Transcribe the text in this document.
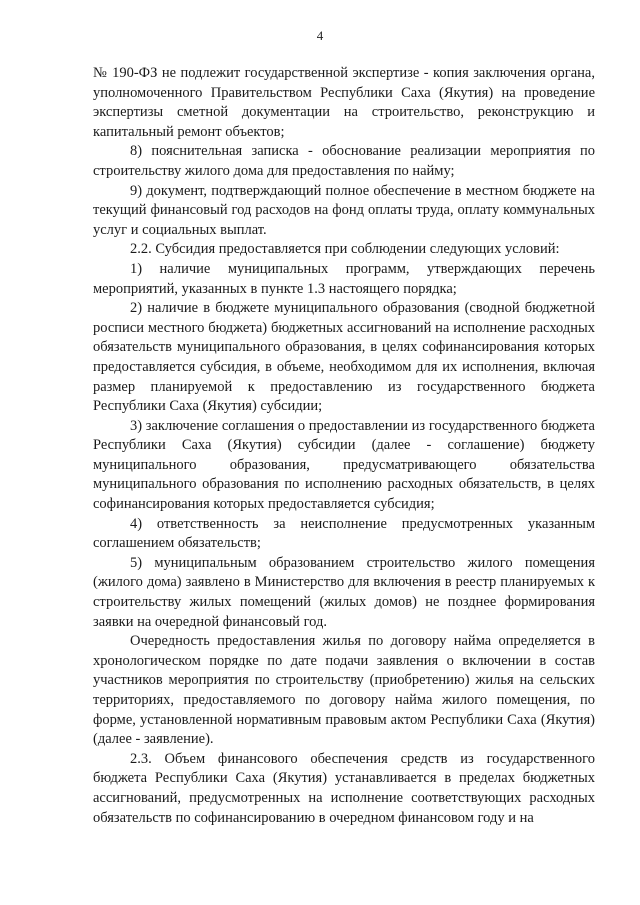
4

№ 190-ФЗ не подлежит государственной экспертизе - копия заключения органа, уполномоченного Правительством Республики Саха (Якутия) на проведение экспертизы сметной документации на строительство, реконструкцию и капитальный ремонт объектов;

8) пояснительная записка - обоснование реализации мероприятия по строительству жилого дома для предоставления по найму;

9) документ, подтверждающий полное обеспечение в местном бюджете на текущий финансовый год расходов на фонд оплаты труда, оплату коммунальных услуг и социальных выплат.

2.2. Субсидия предоставляется при соблюдении следующих условий:

1) наличие муниципальных программ, утверждающих перечень мероприятий, указанных в пункте 1.3 настоящего порядка;

2) наличие в бюджете муниципального образования (сводной бюджетной росписи местного бюджета) бюджетных ассигнований на исполнение расходных обязательств муниципального образования, в целях софинансирования которых предоставляется субсидия, в объеме, необходимом для их исполнения, включая размер планируемой к предоставлению из государственного бюджета Республики Саха (Якутия) субсидии;

3) заключение соглашения о предоставлении из государственного бюджета Республики Саха (Якутия) субсидии (далее - соглашение) бюджету муниципального образования, предусматривающего обязательства муниципального образования по исполнению расходных обязательств, в целях софинансирования которых предоставляется субсидия;

4) ответственность за неисполнение предусмотренных указанным соглашением обязательств;

5) муниципальным образованием строительство жилого помещения (жилого дома) заявлено в Министерство для включения в реестр планируемых к строительству жилых помещений (жилых домов) не позднее формирования заявки на очередной финансовый год.

Очередность предоставления жилья по договору найма определяется в хронологическом порядке по дате подачи заявления о включении в состав участников мероприятия по строительству (приобретению) жилья на сельских территориях, предоставляемого по договору найма жилого помещения, по форме, установленной нормативным правовым актом Республики Саха (Якутия) (далее - заявление).

2.3. Объем финансового обеспечения средств из государственного бюджета Республики Саха (Якутия) устанавливается в пределах бюджетных ассигнований, предусмотренных на исполнение соответствующих расходных обязательств по софинансированию в очередном финансовом году и на
